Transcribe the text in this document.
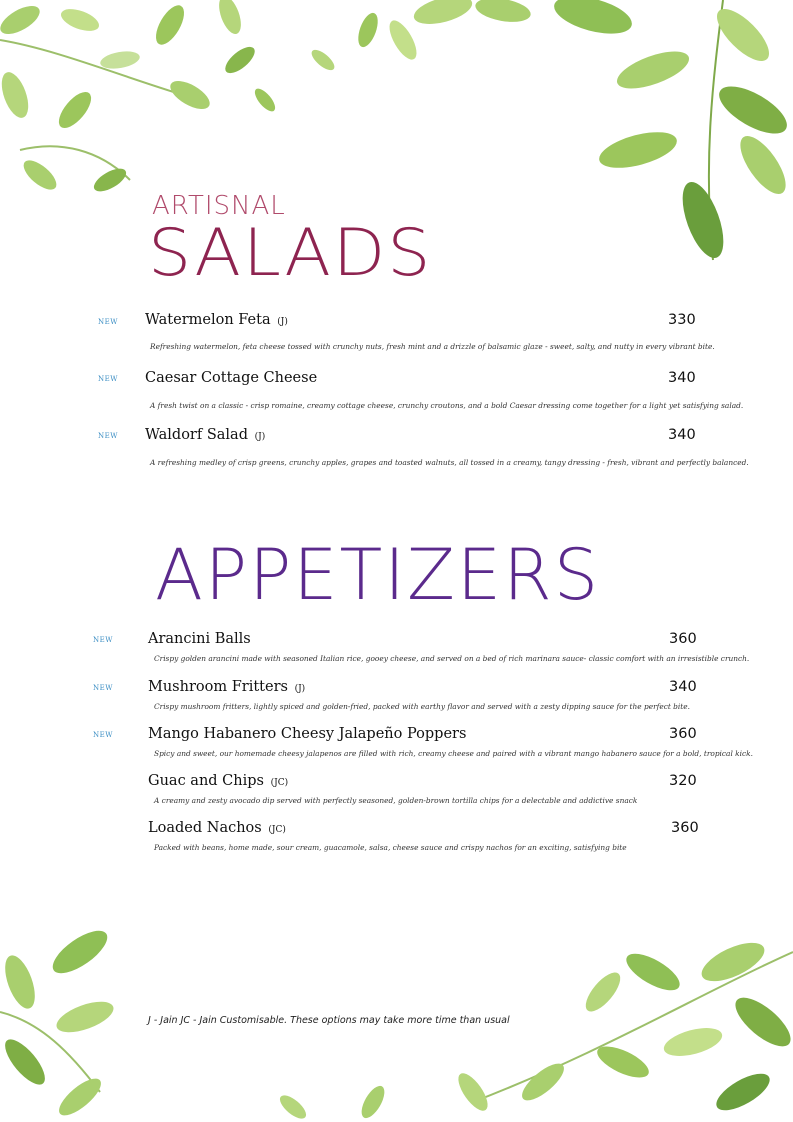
ARTISNAL
SALADS
NEW Watermelon Feta (J)	330
Refreshing watermelon, feta cheese tossed with crunchy nuts, fresh mint and a drizzle of balsamic glaze - sweet, salty, and nutty in every vibrant bite.
NEW Caesar Cottage Cheese	340
A fresh twist on a classic - crisp romaine, creamy cottage cheese, crunchy croutons, and a bold Caesar dressing come together for a light yet satisfying salad.
NEW Waldorf Salad (J)	340
A refreshing medley of crisp greens, crunchy apples, grapes and toasted walnuts, all tossed in a creamy, tangy dressing - fresh, vibrant and perfectly balanced.
APPETIZERS
NEW Arancini Balls	360
Crispy golden arancini made with seasoned Italian rice, gooey cheese, and served on a bed of rich marinara sauce- classic comfort with an irresistible crunch.
NEW Mushroom Fritters (J)	340
Crispy mushroom fritters, lightly spiced and golden-fried, packed with earthy flavor and served with a zesty dipping sauce for the perfect bite.
NEW Mango Habanero Cheesy Jalapeño Poppers	360
Spicy and sweet, our homemade cheesy jalapenos are filled with rich, creamy cheese and paired with a vibrant mango habanero sauce for a bold, tropical kick.
Guac and Chips (JC)	320
A creamy and zesty avocado dip served with perfectly seasoned, golden-brown tortilla chips for a delectable and addictive snack
Loaded Nachos (JC)	360
Packed with beans, home made, sour cream, guacamole, salsa, cheese sauce and crispy nachos for an exciting, satisfying bite
J - Jain JC - Jain Customisable. These options may take more time than usual
